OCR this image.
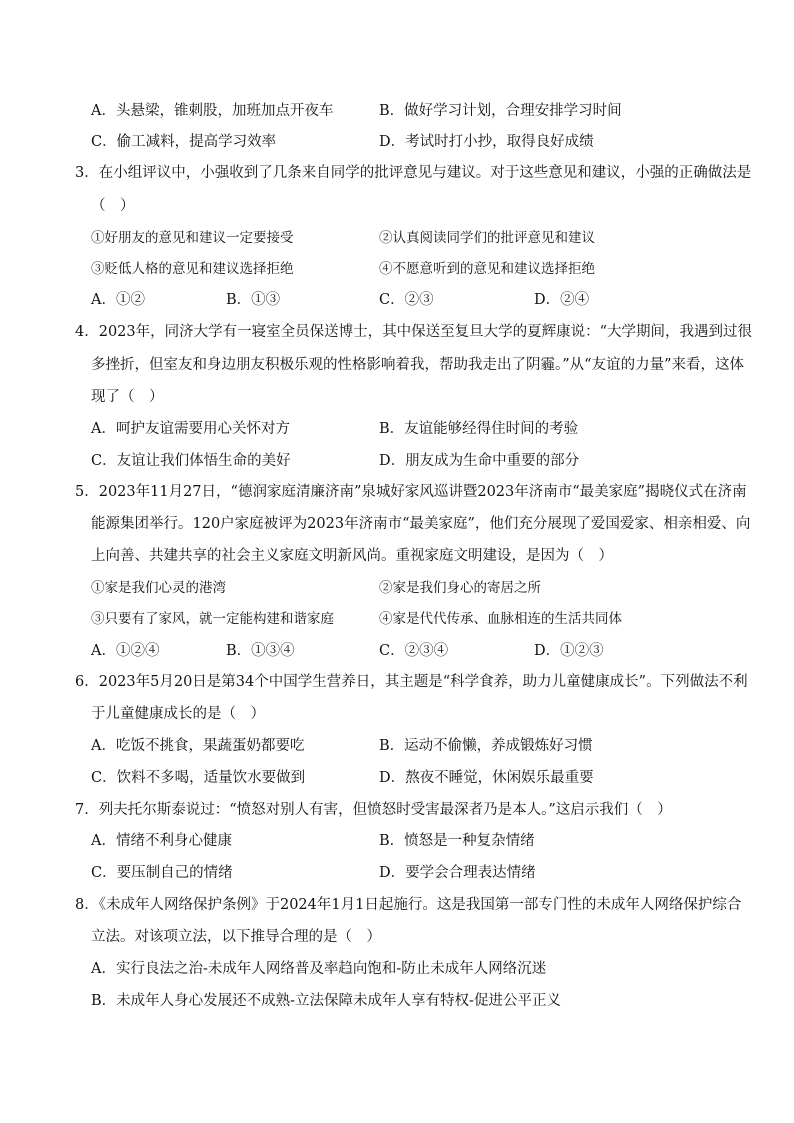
A．头悬梁，锥刺股，加班加点开夜车	B．做好学习计划，合理安排学习时间
C．偷工减料，提高学习效率	D．考试时打小抄，取得良好成绩
3．在小组评议中，小强收到了几条来自同学的批评意见与建议。对于这些意见和建议，小强的正确做法是
（　）
①好朋友的意见和建议一定要接受	②认真阅读同学们的批评意见和建议
③贬低人格的意见和建议选择拒绝	④不愿意听到的意见和建议选择拒绝
A．①②	B．①③	C．②③	D．②④
4．2023年，同济大学有一寝室全员保送博士，其中保送至复旦大学的夏辉康说：“大学期间，我遇到过很
多挫折，但室友和身边朋友积极乐观的性格影响着我，帮助我走出了阴霾。”从“友谊的力量”来看，这体
现了（　）
A．呵护友谊需要用心关怀对方	B．友谊能够经得住时间的考验
C．友谊让我们体悟生命的美好	D．朋友成为生命中重要的部分
5．2023年11月27日，“德润家庭清廉济南”泉城好家风巡讲暨2023年济南市“最美家庭”揭晓仪式在济南
能源集团举行。120户家庭被评为2023年济南市“最美家庭”，他们充分展现了爱国爱家、相亲相爱、向
上向善、共建共享的社会主义家庭文明新风尚。重视家庭文明建设，是因为（　）
①家是我们心灵的港湾	②家是我们身心的寄居之所
③只要有了家风，就一定能构建和谐家庭	④家是代代传承、血脉相连的生活共同体
A．①②④	B．①③④	C．②③④	D．①②③
6．2023年5月20日是第34个中国学生营养日，其主题是“科学食养，助力儿童健康成长”。下列做法不利
于儿童健康成长的是（　）
A．吃饭不挑食，果蔬蛋奶都要吃	B．运动不偷懒，养成锻炼好习惯
C．饮料不多喝，适量饮水要做到	D．熬夜不睡觉，休闲娱乐最重要
7．列夫托尔斯泰说过：“愤怒对别人有害，但愤怒时受害最深者乃是本人。”这启示我们（　）
A．情绪不利身心健康	B．愤怒是一种复杂情绪
C．要压制自己的情绪	D．要学会合理表达情绪
8．《未成年人网络保护条例》于2024年1月1日起施行。这是我国第一部专门性的未成年人网络保护综合
立法。对该项立法，以下推导合理的是（　）
A．实行良法之治-未成年人网络普及率趋向饱和-防止未成年人网络沉迷
B．未成年人身心发展还不成熟-立法保障未成年人享有特权-促进公平正义
